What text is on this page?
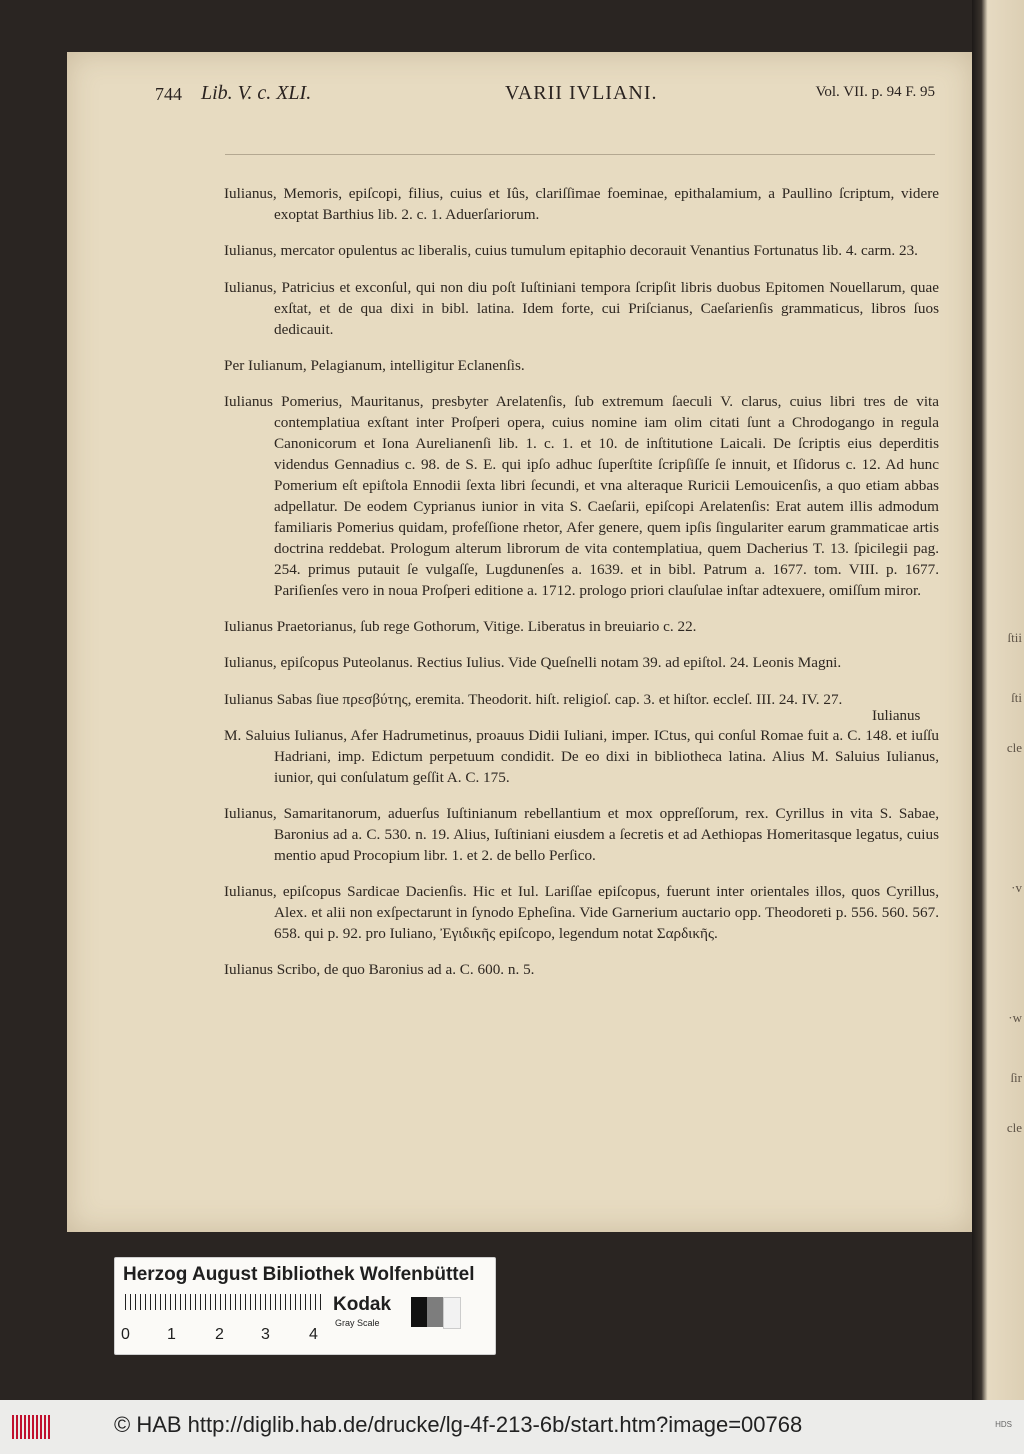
ſtii
ſti
cle
·v
·w
ſir
cle
744 Lib. V. c. XLI.	VARII IVLIANI.	Vol. VII. p. 94 F. 95

Iulianus, Memoris, epiſcopi, filius, cuius et Iûs, clariſſimae foeminae, epithalamium, a Paullino ſcriptum, videre exoptat Barthius lib. 2. c. 1. Aduerſariorum.

Iulianus, mercator opulentus ac liberalis, cuius tumulum epitaphio decorauit Venantius Fortunatus lib. 4. carm. 23.

Iulianus, Patricius et exconſul, qui non diu poſt Iuſtiniani tempora ſcripſit libris duobus Epitomen Nouellarum, quae exſtat, et de qua dixi in bibl. latina. Idem forte, cui Priſcianus, Caeſarienſis grammaticus, libros ſuos dedicauit.

Per Iulianum, Pelagianum, intelligitur Eclanenſis.

Iulianus Pomerius, Mauritanus, presbyter Arelatenſis, ſub extremum ſaeculi V. clarus, cuius libri tres de vita contemplatiua exſtant inter Proſperi opera, cuius nomine iam olim citati ſunt a Chrodogango in regula Canonicorum et Iona Aurelianenſi lib. 1. c. 1. et 10. de inſtitutione Laicali. De ſcriptis eius deperditis videndus Gennadius c. 98. de S. E. qui ipſo adhuc ſuperſtite ſcripſiſſe ſe innuit, et Iſidorus c. 12. Ad hunc Pomerium eſt epiſtola Ennodii ſexta libri ſecundi, et vna alteraque Ruricii Lemouicenſis, a quo etiam abbas adpellatur. De eodem Cyprianus iunior in vita S. Caeſarii, epiſcopi Arelatenſis: Erat autem illis admodum familiaris Pomerius quidam, profeſſione rhetor, Afer genere, quem ipſis ſingulariter earum grammaticae artis doctrina reddebat. Prologum alterum librorum de vita contemplatiua, quem Dacherius T. 13. ſpicilegii pag. 254. primus putauit ſe vulgaſſe, Lugdunenſes a. 1639. et in bibl. Patrum a. 1677. tom. VIII. p. 1677. Pariſienſes vero in noua Proſperi editione a. 1712. prologo priori clauſulae inſtar adtexuere, omiſſum miror.

Iulianus Praetorianus, ſub rege Gothorum, Vitige. Liberatus in breuiario c. 22.

Iulianus, epiſcopus Puteolanus. Rectius Iulius. Vide Queſnelli notam 39. ad epiſtol. 24. Leonis Magni.

Iulianus Sabas ſiue πρεσβύτης, eremita. Theodorit. hiſt. religioſ. cap. 3. et hiſtor. eccleſ. III. 24. IV. 27.

M. Saluius Iulianus, Afer Hadrumetinus, proauus Didii Iuliani, imper. ICtus, qui conſul Romae fuit a. C. 148. et iuſſu Hadriani, imp. Edictum perpetuum condidit. De eo dixi in bibliotheca latina. Alius M. Saluius Iulianus, iunior, qui conſulatum geſſit A. C. 175.

Iulianus, Samaritanorum, aduerſus Iuſtinianum rebellantium et mox oppreſſorum, rex. Cyrillus in vita S. Sabae, Baronius ad a. C. 530. n. 19. Alius, Iuſtiniani eiusdem a ſecretis et ad Aethiopas Homeritasque legatus, cuius mentio apud Procopium libr. 1. et 2. de bello Perſico.

Iulianus, epiſcopus Sardicae Dacienſis. Hic et Iul. Lariſſae epiſcopus, fuerunt inter orientales illos, quos Cyrillus, Alex. et alii non exſpectarunt in ſynodo Epheſina. Vide Garnerium auctario opp. Theodoreti p. 556. 560. 567. 658. qui p. 92. pro Iuliano, Ἐγιδικῆς epiſcopo, legendum notat Σαρδικῆς.

Iulianus Scribo, de quo Baronius ad a. C. 600. n. 5.

Iulianus
Herzog August Bibliothek Wolfenbüttel
Kodak
Gray Scale
0 1 2 3 4
© HAB http://diglib.hab.de/drucke/lg-4f-213-6b/start.htm?image=00768	HDS
